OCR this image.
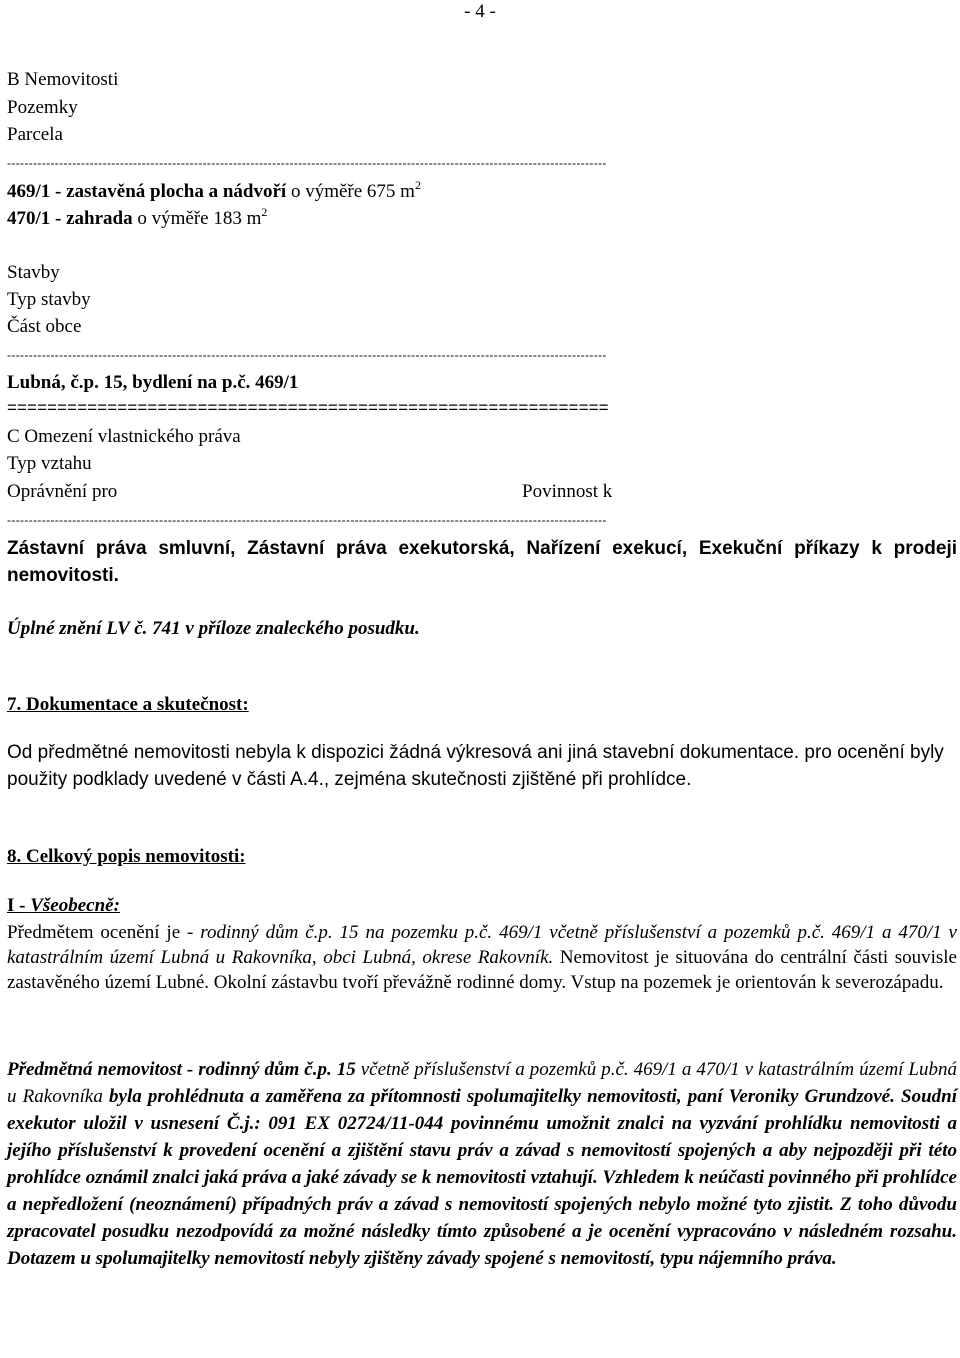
- 4 -
B Nemovitosti
Pozemky
Parcela
------------------------------------------------------------------------------------------------------------------------------------------
469/1 - zastavěná plocha a nádvoří o výměře 675 $m^2$
470/1 - zahrada o výměře 183 $m^2$
Stavby
Typ stavby
Část obce
------------------------------------------------------------------------------------------------------------------------------------------
Lubná, č.p. 15, bydlení na p.č. 469/1
============================================================
C Omezení vlastnického práva
Typ vztahu
Oprávnění pro	Povinnost k
------------------------------------------------------------------------------------------------------------------------------------------
Zástavní práva smluvní, Zástavní práva exekutorská, Nařízení exekucí, Exekuční příkazy k prodeji nemovitosti.
Úplné znění LV č. 741 v příloze znaleckého posudku.
7. Dokumentace a skutečnost:
Od předmětné nemovitosti nebyla k dispozici žádná výkresová ani jiná stavební dokumentace. pro ocenění byly použity podklady uvedené v části A.4., zejména skutečnosti zjištěné při prohlídce.
8. Celkový popis nemovitosti:
I - Všeobecně:
Předmětem ocenění je - rodinný dům č.p. 15 na pozemku p.č. 469/1 včetně příslušenství a pozemků p.č. 469/1 a 470/1 v katastrálním území Lubná u Rakovníka, obci Lubná, okrese Rakovník. Nemovitost je situována do centrální části souvisle zastavěného území Lubné. Okolní zástavbu tvoří převážně rodinné domy. Vstup na pozemek je orientován k severozápadu.
Předmětná nemovitost - rodinný dům č.p. 15 včetně příslušenství a pozemků p.č. 469/1 a 470/1 v katastrálním území Lubná u Rakovníka byla prohlédnuta a zaměřena za přítomnosti spolumajitelky nemovitosti, paní Veroniky Grundzové. Soudní exekutor uložil v usnesení Č.j.: 091 EX 02724/11-044 povinnému umožnit znalci na vyzvání prohlídku nemovitosti a jejího příslušenství k provedení ocenění a zjištění stavu práv a závad s nemovitostí spojených a aby nejpozději při této prohlídce oznámil znalci jaká práva a jaké závady se k nemovitosti vztahují. Vzhledem k neúčasti povinného při prohlídce a nepředložení (neoznámení) případných práv a závad s nemovitostí spojených nebylo možné tyto zjistit. Z toho důvodu zpracovatel posudku nezodpovídá za možné následky tímto způsobené a je ocenění vypracováno v následném rozsahu. Dotazem u spolumajitelky nemovitostí nebyly zjištěny závady spojené s nemovitostí, typu nájemního práva.
